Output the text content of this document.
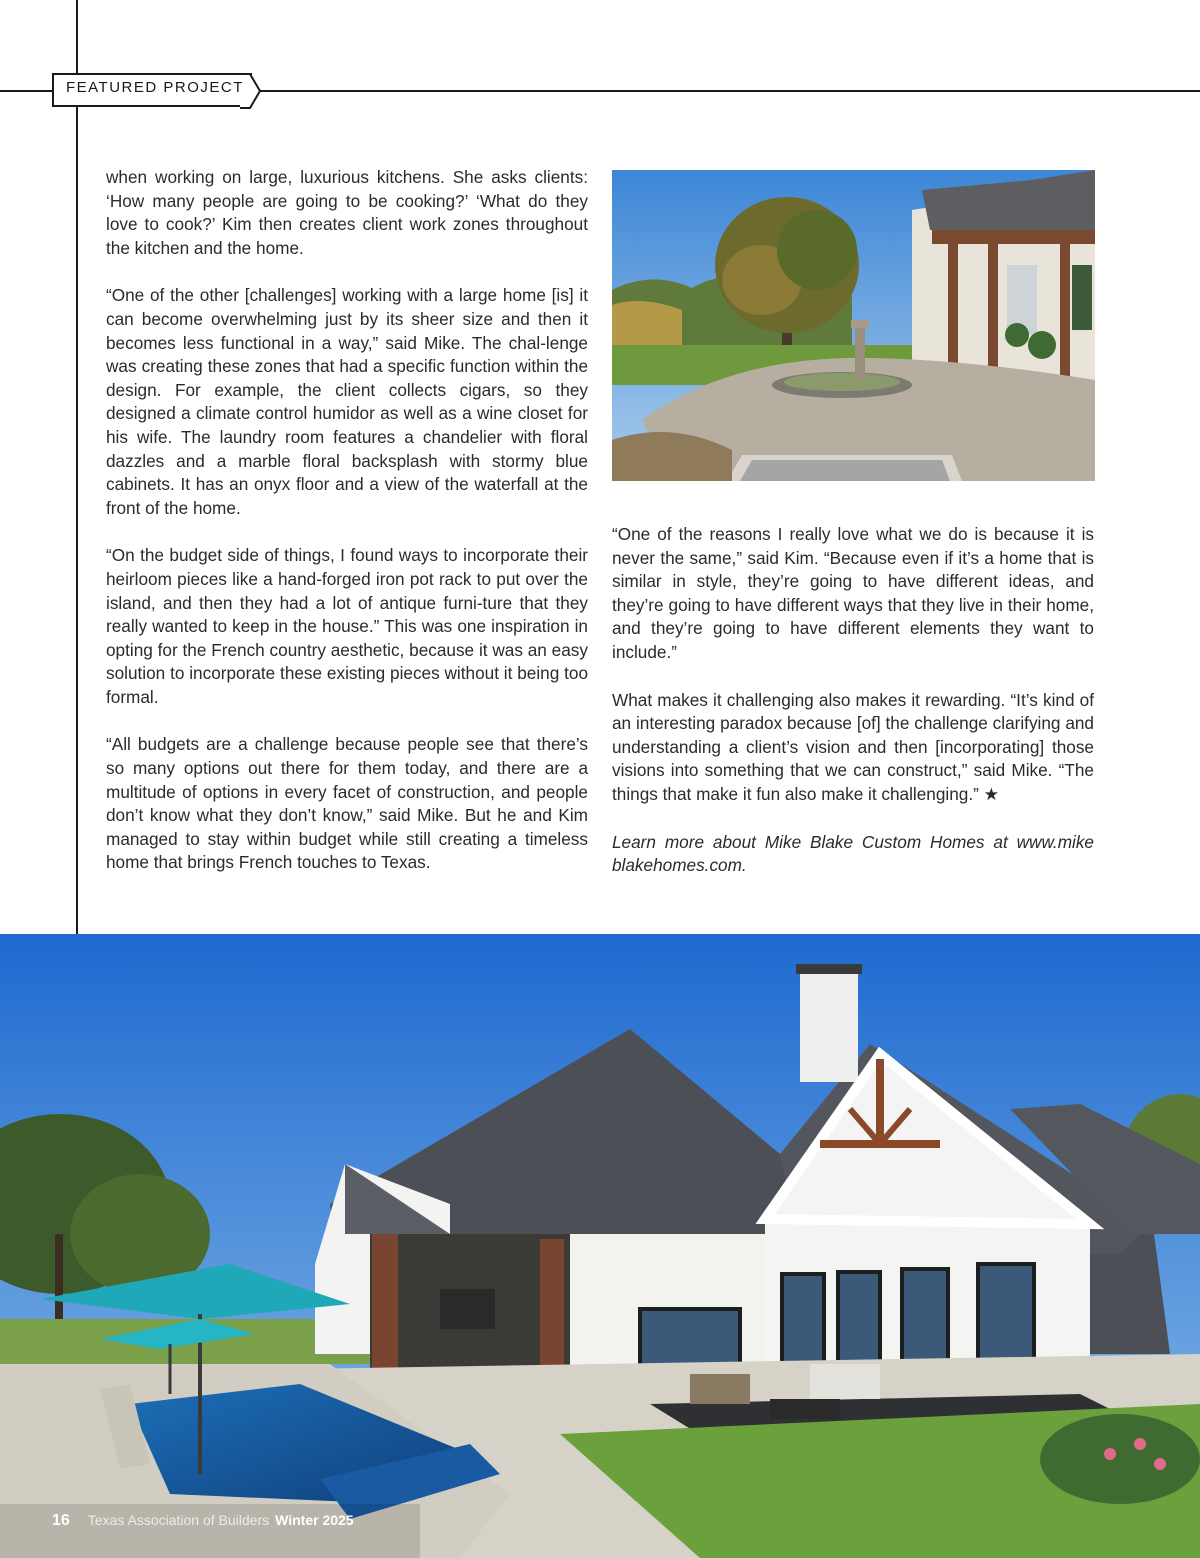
FEATURED PROJECT

when working on large, luxurious kitchens. She asks clients: ‘How many people are going to be cooking?’ ‘What do they love to cook?’ Kim then creates client work zones throughout the kitchen and the home.

“One of the other [challenges] working with a large home [is] it can become overwhelming just by its sheer size and then it becomes less functional in a way,” said Mike. The chal-lenge was creating these zones that had a specific function within the design. For example, the client collects cigars, so they designed a climate control humidor as well as a wine closet for his wife. The laundry room features a chandelier with floral dazzles and a marble floral backsplash with stormy blue cabinets. It has an onyx floor and a view of the waterfall at the front of the home.

“On the budget side of things, I found ways to incorporate their heirloom pieces like a hand-forged iron pot rack to put over the island, and then they had a lot of antique furni-ture that they really wanted to keep in the house.” This was one inspiration in opting for the French country aesthetic, because it was an easy solution to incorporate these existing pieces without it being too formal.

“All budgets are a challenge because people see that there’s so many options out there for them today, and there are a multitude of options in every facet of construction, and people don’t know what they don’t know,” said Mike. But he and Kim managed to stay within budget while still creating a timeless home that brings French touches to Texas.

“One of the reasons I really love what we do is because it is never the same,” said Kim. “Because even if it’s a home that is similar in style, they’re going to have different ideas, and they’re going to have different ways that they live in their home, and they’re going to have different elements they want to include.”

What makes it challenging also makes it rewarding. “It’s kind of an interesting paradox because [of] the challenge clarifying and understanding a client’s vision and then [incorporating] those visions into something that we can construct,” said Mike. “The things that make it fun also make it challenging.” ★

Learn more about Mike Blake Custom Homes at www.mike blakehomes.com.

16 Texas Association of Builders Winter 2025
